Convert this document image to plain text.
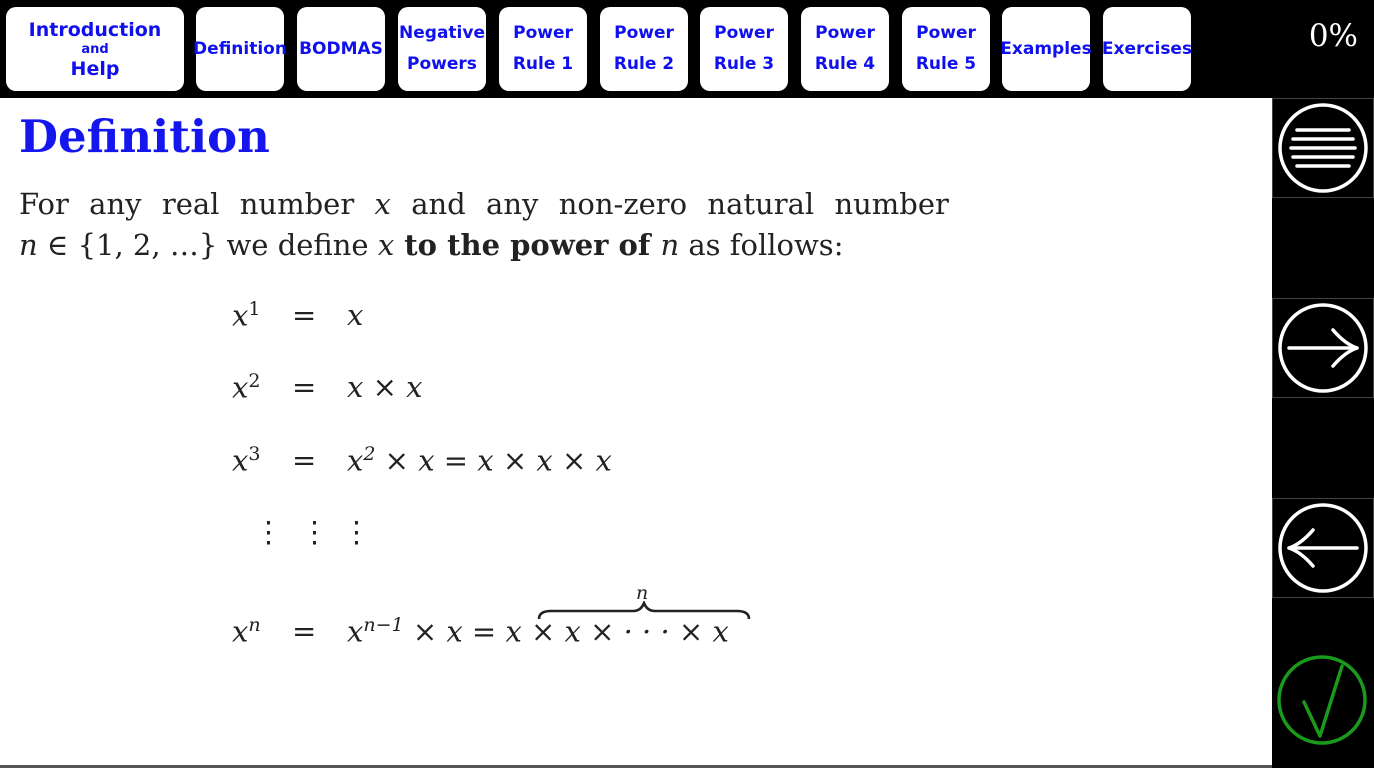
Introduction
and
Help
Definition BODMAS
Negative
Powers
Power
Rule 1
Power
Rule 2
Power
Rule 3
Power
Rule 4
Power
Rule 5
Examples Exercises	0%
Definition
For any real number x and any non-zero natural number
n ∈ {1, 2, …} we define x to the power of n as follows:
$x^1 = x$
$x^2 = x \times x$
$x^3 = x^2 \times x = x \times x \times x$
⋮ ⋮ ⋮
n
$x^n = x^{n-1} \times x = x \times x$ × · · · × x
